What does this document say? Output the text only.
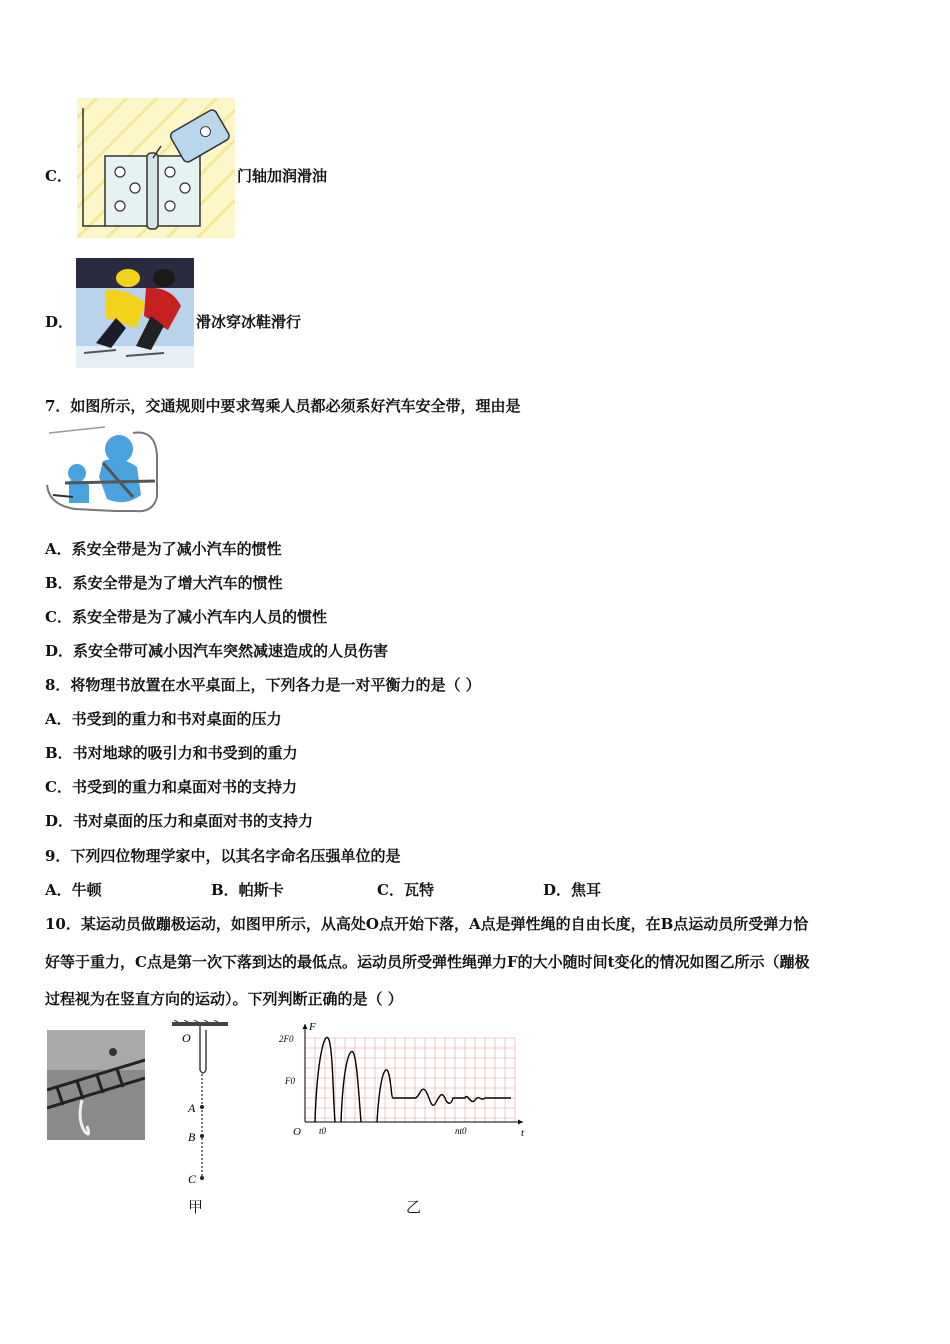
C．	门轴加润滑油
D．	滑冰穿冰鞋滑行
7．如图所示，交通规则中要求驾乘人员都必须系好汽车安全带，理由是
A．系安全带是为了减小汽车的惯性
B．系安全带是为了增大汽车的惯性
C．系安全带是为了减小汽车内人员的惯性
D．系安全带可减小因汽车突然减速造成的人员伤害
8．将物理书放置在水平桌面上，下列各力是一对平衡力的是（ ）
A．书受到的重力和书对桌面的压力
B．书对地球的吸引力和书受到的重力
C．书受到的重力和桌面对书的支持力
D．书对桌面的压力和桌面对书的支持力
9．下列四位物理学家中，以其名字命名压强单位的是
A．牛顿	B．帕斯卡	C．瓦特	D．焦耳
10．某运动员做蹦极运动，如图甲所示，从高处O点开始下落，A点是弹性绳的自由长度，在B点运动员所受弹力恰
好等于重力，C点是第一次下落到达的最低点。运动员所受弹性绳弹力F的大小随时间t变化的情况如图乙所示（蹦极
过程视为在竖直方向的运动）。下列判断正确的是（ ）
O
A
B
C
甲
F
t
O
2F0
F0
t0	nt0
乙
